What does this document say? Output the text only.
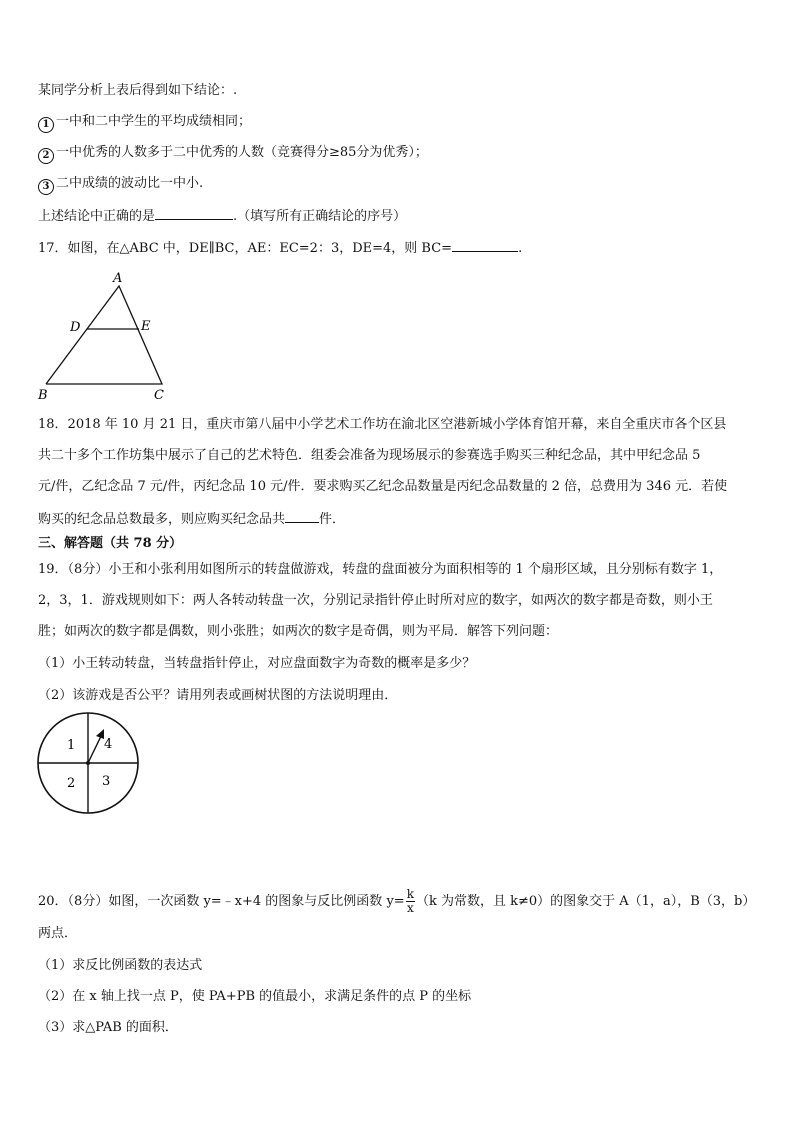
某同学分析上表后得到如下结论：.
1 一中和二中学生的平均成绩相同；
2 一中优秀的人数多于二中优秀的人数（竞赛得分≥85分为优秀）；
3 二中成绩的波动比一中小.
上述结论中正确的是	.（填写所有正确结论的序号）
17．如图，在△ABC 中，DE∥BC，AE：EC=2：3，DE=4，则 BC=	.
A
D	E
B	C
18．2018 年 10 月 21 日，重庆市第八届中小学艺术工作坊在渝北区空港新城小学体育馆开幕，来自全重庆市各个区县
共二十多个工作坊集中展示了自己的艺术特色．组委会准备为现场展示的参赛选手购买三种纪念品，其中甲纪念品 5
元/件，乙纪念品 7 元/件，丙纪念品 10 元/件．要求购买乙纪念品数量是丙纪念品数量的 2 倍，总费用为 346 元．若使
购买的纪念品总数最多，则应购买纪念品共	件．
三、解答题（共 78 分）
19．（8分）小王和小张利用如图所示的转盘做游戏，转盘的盘面被分为面积相等的 1 个扇形区域，且分别标有数字 1，
2，3，1．游戏规则如下：两人各转动转盘一次，分别记录指针停止时所对应的数字，如两次的数字都是奇数，则小王
胜；如两次的数字都是偶数，则小张胜；如两次的数字是奇偶，则为平局．解答下列问题：
（1）小王转动转盘，当转盘指针停止，对应盘面数字为奇数的概率是多少？
（2）该游戏是否公平？请用列表或画树状图的方法说明理由．
1 4
2 3
20．（8分）如图，一次函数 y=﹣x+4 的图象与反比例函数 $y= \frac{k}{x} (k$ 为常数，且 k≠0）的图象交于 A（1，a），B（3，b）
两点．
（1）求反比例函数的表达式
（2）在 x 轴上找一点 P，使 PA+PB 的值最小，求满足条件的点 P 的坐标
（3）求△PAB 的面积．
